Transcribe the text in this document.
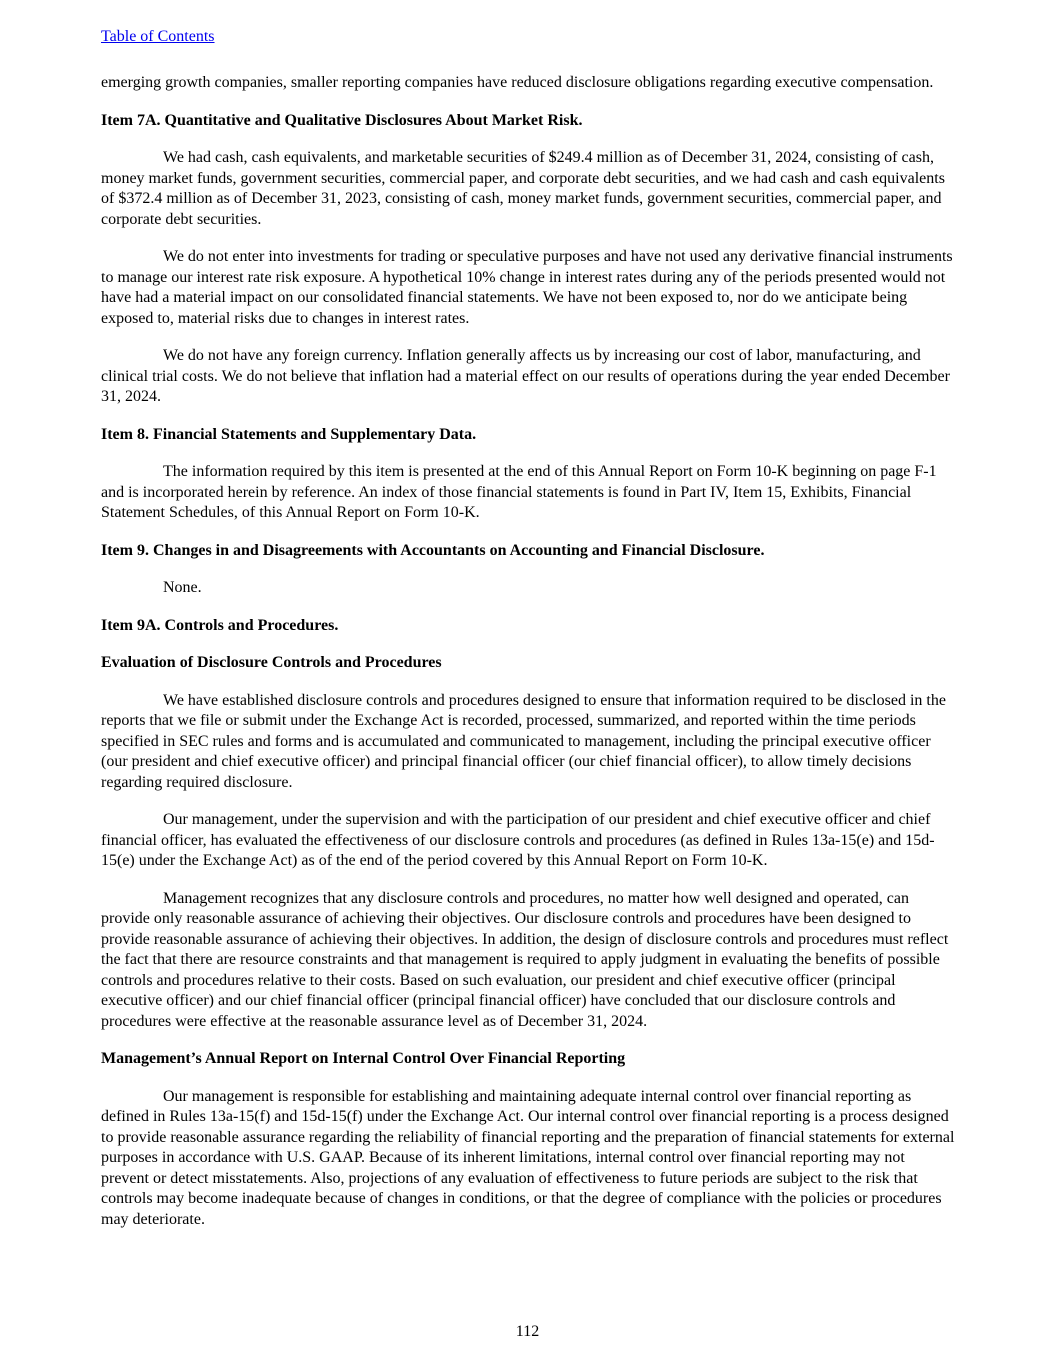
Table of Contents

emerging growth companies, smaller reporting companies have reduced disclosure obligations regarding executive compensation.

Item 7A. Quantitative and Qualitative Disclosures About Market Risk.

We had cash, cash equivalents, and marketable securities of $249.4 million as of December 31, 2024, consisting of cash, money market funds, government securities, commercial paper, and corporate debt securities, and we had cash and cash equivalents of $372.4 million as of December 31, 2023, consisting of cash, money market funds, government securities, commercial paper, and corporate debt securities.

We do not enter into investments for trading or speculative purposes and have not used any derivative financial instruments to manage our interest rate risk exposure. A hypothetical 10% change in interest rates during any of the periods presented would not have had a material impact on our consolidated financial statements. We have not been exposed to, nor do we anticipate being exposed to, material risks due to changes in interest rates.

We do not have any foreign currency. Inflation generally affects us by increasing our cost of labor, manufacturing, and clinical trial costs. We do not believe that inflation had a material effect on our results of operations during the year ended December 31, 2024.

Item 8. Financial Statements and Supplementary Data.

The information required by this item is presented at the end of this Annual Report on Form 10-K beginning on page F-1 and is incorporated herein by reference. An index of those financial statements is found in Part IV, Item 15, Exhibits, Financial Statement Schedules, of this Annual Report on Form 10-K.

Item 9. Changes in and Disagreements with Accountants on Accounting and Financial Disclosure.

None.

Item 9A. Controls and Procedures.

Evaluation of Disclosure Controls and Procedures

We have established disclosure controls and procedures designed to ensure that information required to be disclosed in the reports that we file or submit under the Exchange Act is recorded, processed, summarized, and reported within the time periods specified in SEC rules and forms and is accumulated and communicated to management, including the principal executive officer (our president and chief executive officer) and principal financial officer (our chief financial officer), to allow timely decisions regarding required disclosure.

Our management, under the supervision and with the participation of our president and chief executive officer and chief financial officer, has evaluated the effectiveness of our disclosure controls and procedures (as defined in Rules 13a-15(e) and 15d-15(e) under the Exchange Act) as of the end of the period covered by this Annual Report on Form 10-K.

Management recognizes that any disclosure controls and procedures, no matter how well designed and operated, can provide only reasonable assurance of achieving their objectives. Our disclosure controls and procedures have been designed to provide reasonable assurance of achieving their objectives. In addition, the design of disclosure controls and procedures must reflect the fact that there are resource constraints and that management is required to apply judgment in evaluating the benefits of possible controls and procedures relative to their costs. Based on such evaluation, our president and chief executive officer (principal executive officer) and our chief financial officer (principal financial officer) have concluded that our disclosure controls and procedures were effective at the reasonable assurance level as of December 31, 2024.

Management’s Annual Report on Internal Control Over Financial Reporting

Our management is responsible for establishing and maintaining adequate internal control over financial reporting as defined in Rules 13a-15(f) and 15d-15(f) under the Exchange Act. Our internal control over financial reporting is a process designed to provide reasonable assurance regarding the reliability of financial reporting and the preparation of financial statements for external purposes in accordance with U.S. GAAP. Because of its inherent limitations, internal control over financial reporting may not prevent or detect misstatements. Also, projections of any evaluation of effectiveness to future periods are subject to the risk that controls may become inadequate because of changes in conditions, or that the degree of compliance with the policies or procedures may deteriorate.

112
